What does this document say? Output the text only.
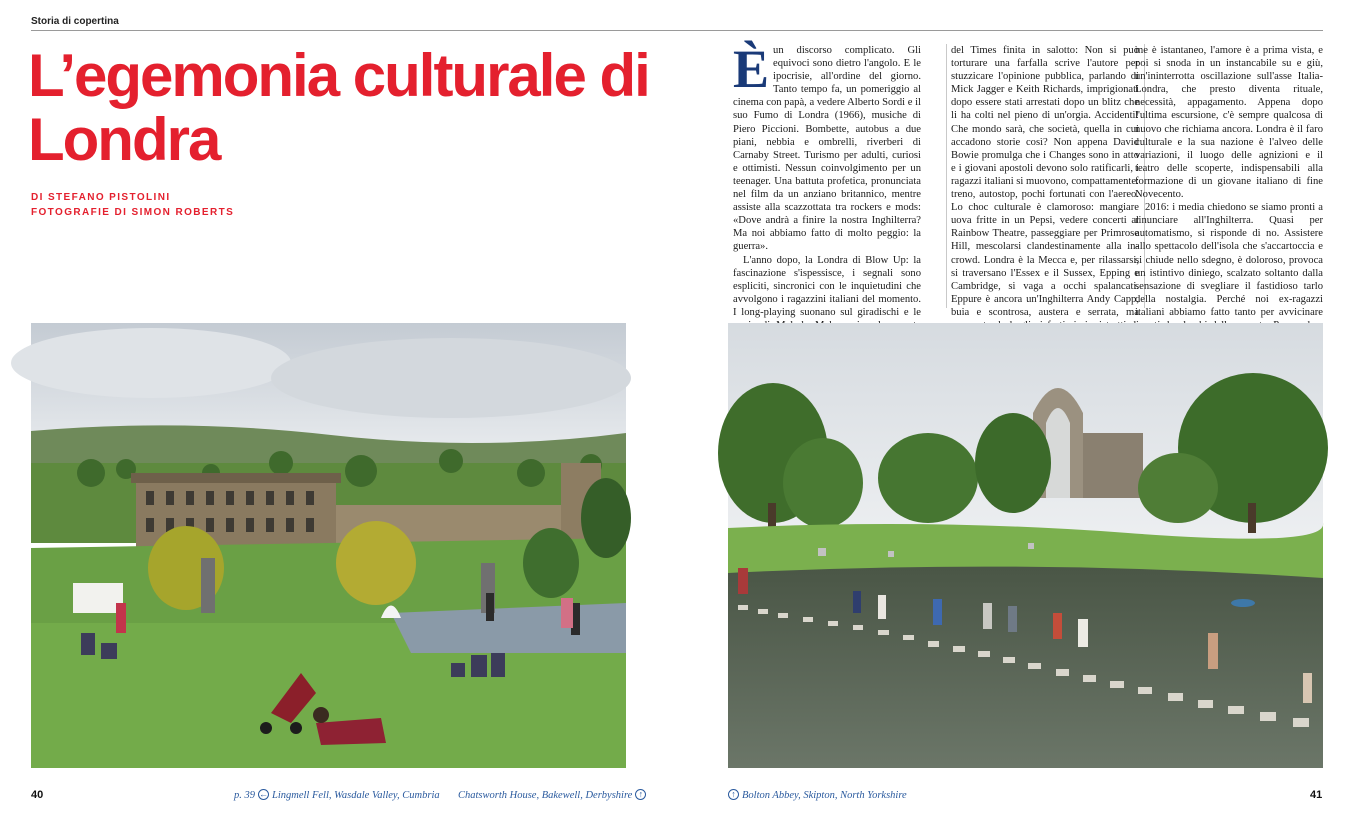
Storia di copertina
L’egemonia culturale di Londra
DI STEFANO PISTOLINI
FOTOGRAFIE DI SIMON ROBERTS

Èun discorso complicato. Gli equivoci sono dietro l'angolo. E le ipocrisie, all'ordine del giorno. Tanto tempo fa, un pomeriggio al cinema con papà, a vedere Alberto Sordi e il suo Fumo di Londra (1966), musiche di Piero Piccioni. Bombette, autobus a due piani, nebbia e ombrelli, riverberi di Carnaby Street. Turismo per adulti, curiosi e ottimisti. Nessun coinvolgimento per un teenager. Una battuta profetica, pronunciata nel film da un anziano britannico, mentre assiste alla scazzottata tra rockers e mods: «Dove andrà a finire la nostra Inghilterra? Ma noi abbiamo fatto di molto peggio: la guerra».

L'anno dopo, la Londra di Blow Up: la fascinazione s'ispessisce, i segnali sono espliciti, sincronici con le inquietudini che avvolgono i ragazzini italiani del momento. I long-playing suonano sul giradischi e le

del Times finita in salotto: Non si può torturare una farfalla scrive l'autore per stuzzicare l'opinione pubblica, parlando di Mick Jagger e Keith Richards, imprigionati dopo essere stati arrestati dopo un blitz che li ha colti nel pieno di un'orgia. Accidenti! Che mondo sarà, che società, quella in cui accadono storie così? Non appena David Bowie promulga che i Changes sono in atto e i giovani apostoli devono solo ratificarli, i ragazzi italiani si muovono, compattamente: treno, autostop, pochi fortunati con l'aereo. Lo choc culturale è clamoroso: mangiare uova fritte in un Pepsi, vedere concerti al Rainbow Theatre, passeggiare per Primrose Hill, mescolarsi clandestinamente alla in-crowd. Londra è la Mecca e, per rilassarsi, si traversano l'Essex e il Sussex, Epping e Cambridge, si vaga a occhi spalancati. Eppure è ancora un'Inghilterra Andy Capp, buia e scontrosa, austera e serrata, ma

me è istantaneo, l'amore è a prima vista, e poi si snoda in un instancabile su e giù, un'ininterrotta oscillazione sull'asse Italia-Londra, che presto diventa rituale, necessità, appagamento. Appena dopo l'ultima escursione, c'è sempre qualcosa di nuovo che richiama ancora. Londra è il faro culturale e la sua nazione è l'alveo delle variazioni, il luogo delle agnizioni e il teatro delle scoperte, indispensabili alla formazione di un giovane italiano di fine Novecento.

2016: i media chiedono se siamo pronti a rinunciare all'Inghilterra. Quasi per automatismo, si risponde di no. Assistere allo spettacolo dell'isola che s'accartoccia e si chiude nello sdegno, è doloroso, provoca un istintivo diniego, scalzato soltanto dalla sensazione di svegliare il fastidioso tarlo della nostalgia. Perché noi ex-ragazzi italiani abbiamo fatto tanto per avvicinare

40	p. 39 ← Lingmell Fell, Wasdale Valley, Cumbria Chatsworth House, Bakewell, Derbyshire ↑	↑ Bolton Abbey, Skipton, North Yorkshire	41
